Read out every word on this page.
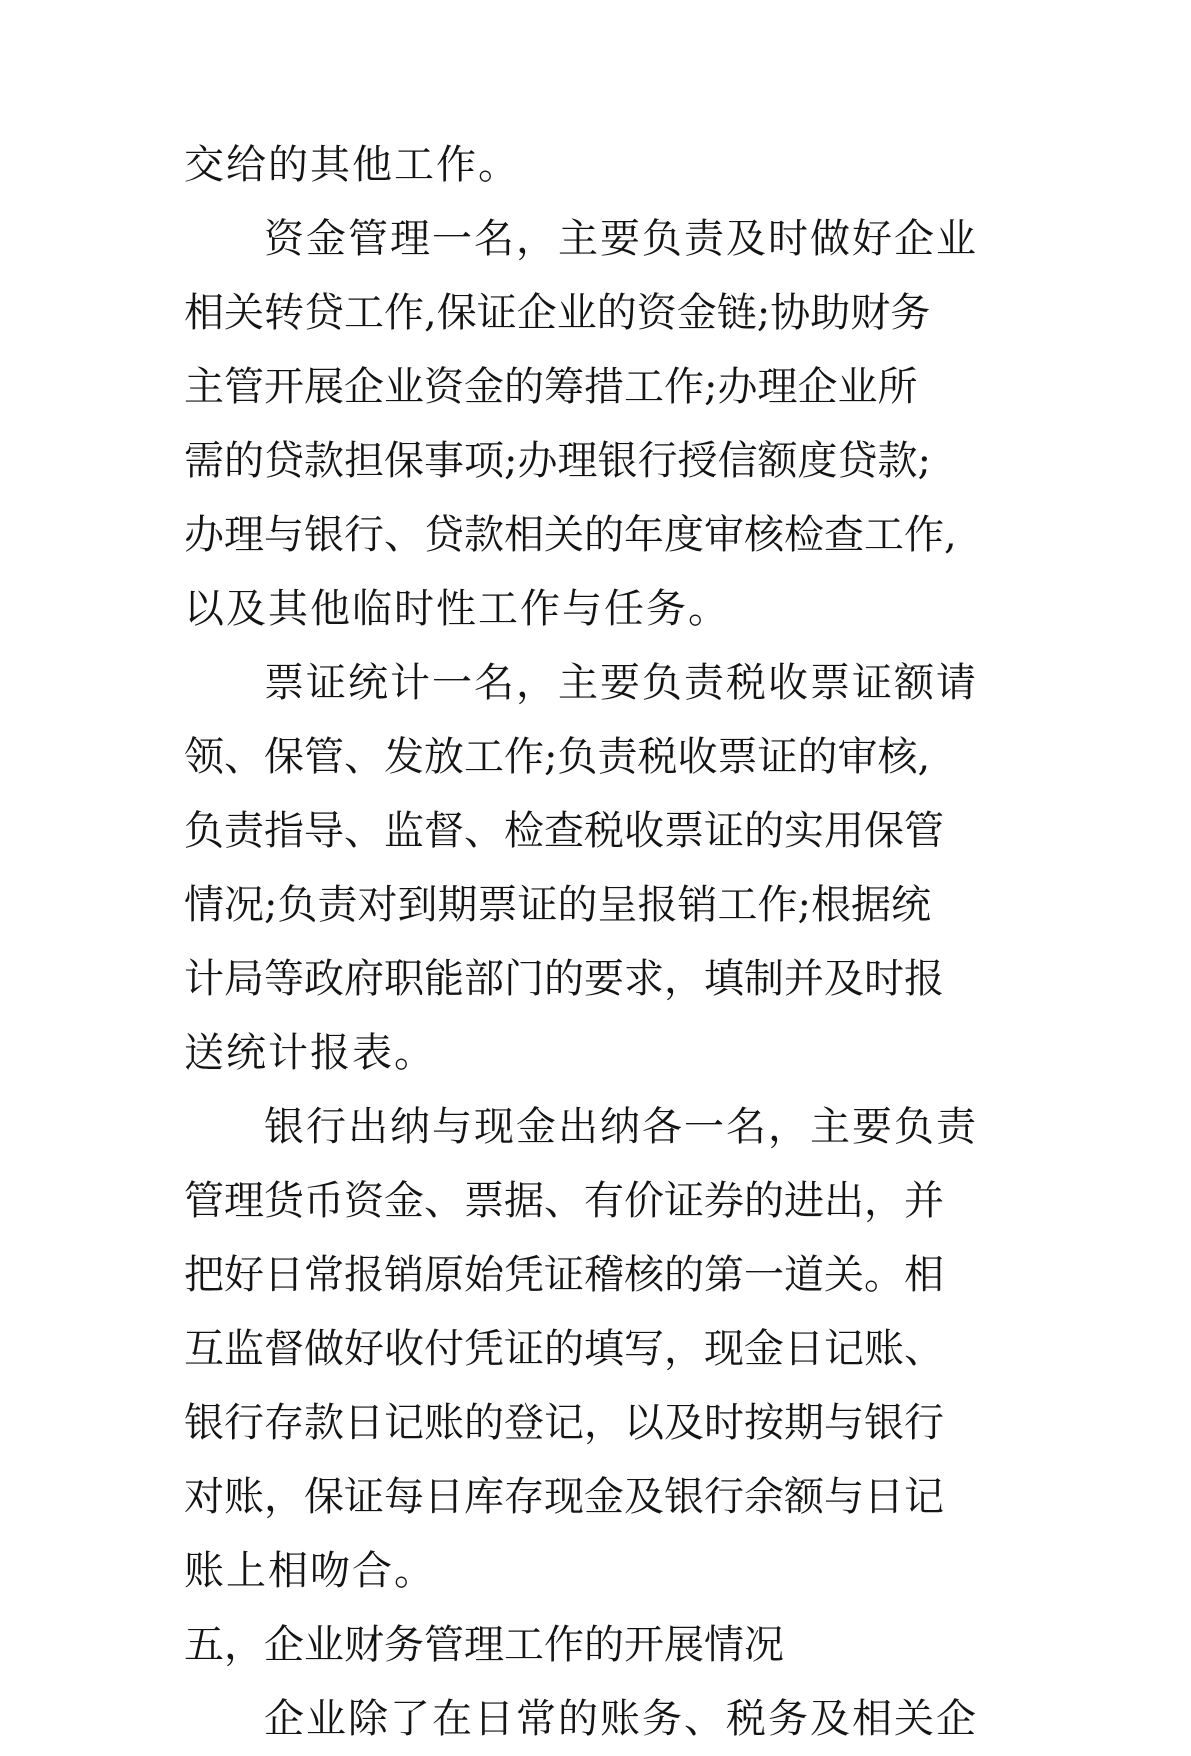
交给的其他工作。
资金管理一名，主要负责及时做好企业
相关转贷工作,保证企业的资金链;协助财务
主管开展企业资金的筹措工作;办理企业所
需的贷款担保事项;办理银行授信额度贷款;
办理与银行、贷款相关的年度审核检查工作,
以及其他临时性工作与任务。
票证统计一名，主要负责税收票证额请
领、保管、发放工作;负责税收票证的审核,
负责指导、监督、检查税收票证的实用保管
情况;负责对到期票证的呈报销工作;根据统
计局等政府职能部门的要求，填制并及时报
送统计报表。
银行出纳与现金出纳各一名，主要负责
管理货币资金、票据、有价证券的进出，并
把好日常报销原始凭证稽核的第一道关。相
互监督做好收付凭证的填写，现金日记账、
银行存款日记账的登记，以及时按期与银行
对账，保证每日库存现金及银行余额与日记
账上相吻合。
五，企业财务管理工作的开展情况
企业除了在日常的账务、税务及相关企
